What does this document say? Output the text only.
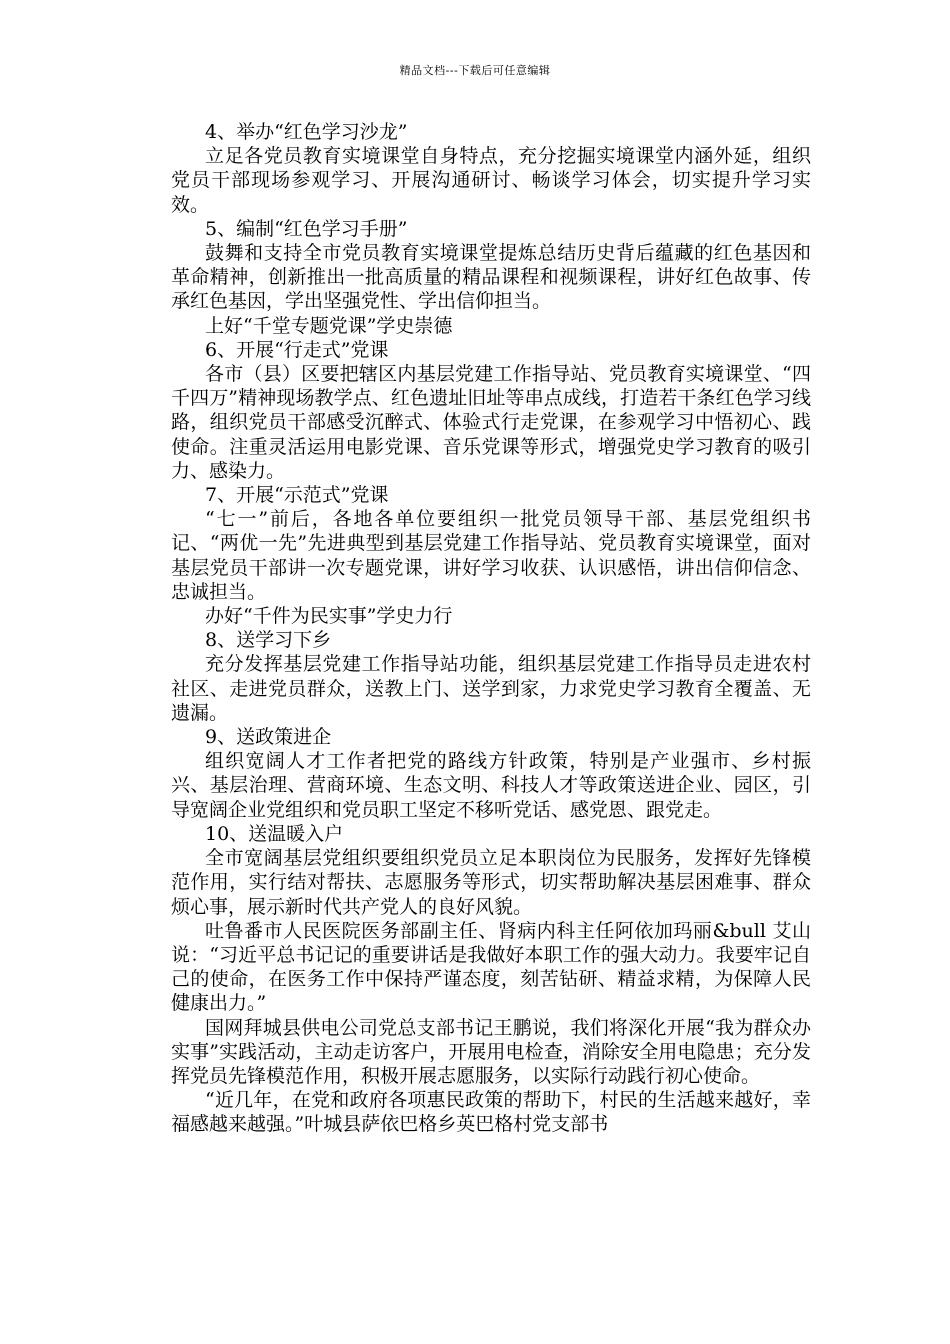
精品文档---下载后可任意编辑

4、举办“红色学习沙龙”

立足各党员教育实境课堂自身特点，充分挖掘实境课堂内涵外延，组织党员干部现场参观学习、开展沟通研讨、畅谈学习体会，切实提升学习实效。

5、编制“红色学习手册”

鼓舞和支持全市党员教育实境课堂提炼总结历史背后蕴藏的红色基因和革命精神，创新推出一批高质量的精品课程和视频课程，讲好红色故事、传承红色基因，学出坚强党性、学出信仰担当。

上好“千堂专题党课”学史崇德

6、开展“行走式”党课

各市（县）区要把辖区内基层党建工作指导站、党员教育实境课堂、“四千四万”精神现场教学点、红色遗址旧址等串点成线，打造若干条红色学习线路，组织党员干部感受沉醉式、体验式行走党课，在参观学习中悟初心、践使命。注重灵活运用电影党课、音乐党课等形式，增强党史学习教育的吸引力、感染力。

7、开展“示范式”党课

“七一”前后，各地各单位要组织一批党员领导干部、基层党组织书记、“两优一先”先进典型到基层党建工作指导站、党员教育实境课堂，面对基层党员干部讲一次专题党课，讲好学习收获、认识感悟，讲出信仰信念、忠诚担当。

办好“千件为民实事”学史力行

8、送学习下乡

充分发挥基层党建工作指导站功能，组织基层党建工作指导员走进农村社区、走进党员群众，送教上门、送学到家，力求党史学习教育全覆盖、无遗漏。

9、送政策进企

组织宽阔人才工作者把党的路线方针政策，特别是产业强市、乡村振兴、基层治理、营商环境、生态文明、科技人才等政策送进企业、园区，引导宽阔企业党组织和党员职工坚定不移听党话、感党恩、跟党走。

10、送温暖入户

全市宽阔基层党组织要组织党员立足本职岗位为民服务，发挥好先锋模范作用，实行结对帮扶、志愿服务等形式，切实帮助解决基层困难事、群众烦心事，展示新时代共产党人的良好风貌。

吐鲁番市人民医院医务部副主任、肾病内科主任阿依加玛丽&bull 艾山说：“习近平总书记记的重要讲话是我做好本职工作的强大动力。我要牢记自己的使命，在医务工作中保持严谨态度，刻苦钻研、精益求精，为保障人民健康出力。”

国网拜城县供电公司党总支部书记王鹏说，我们将深化开展“我为群众办实事”实践活动，主动走访客户，开展用电检查，消除安全用电隐患；充分发挥党员先锋模范作用，积极开展志愿服务，以实际行动践行初心使命。

“近几年，在党和政府各项惠民政策的帮助下，村民的生活越来越好，幸福感越来越强。”叶城县萨依巴格乡英巴格村党支部书
